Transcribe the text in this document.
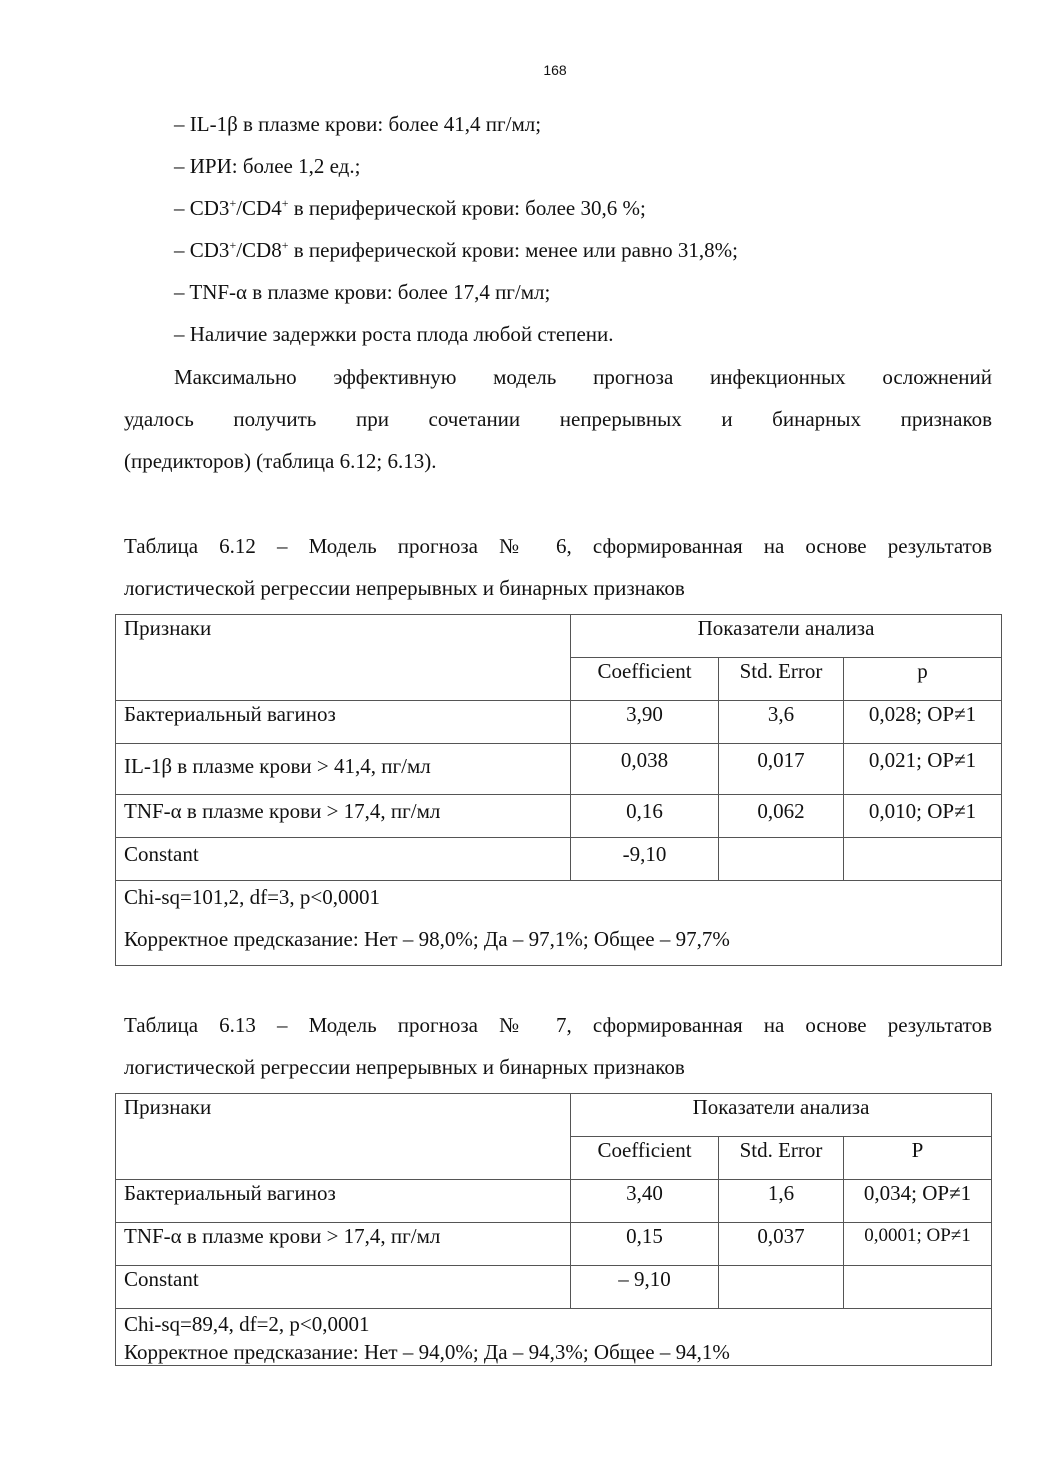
168
– IL-1β в плазме крови: более 41,4 пг/мл;
– ИРИ: более 1,2 ед.;
– CD3+/CD4+ в периферической крови: более 30,6 %;
– CD3+/CD8+ в периферической крови: менее или равно 31,8%;
– TNF-α в плазме крови: более 17,4 пг/мл;
– Наличие задержки роста плода любой степени.
Максимально эффективную модель прогноза инфекционных осложнений
удалось получить при сочетании непрерывных и бинарных признаков
(предикторов) (таблица 6.12; 6.13).
Таблица 6.12 – Модель прогноза № 6, сформированная на основе результатов
логистической регрессии непрерывных и бинарных признаков
Признаки	Показатели анализа		
	Coefficient	Std. Error	p
Бактериальный вагиноз	3,90	3,6	0,028; ОР≠1
IL-1β в плазме крови > 41,4, пг/мл	0,038	0,017	0,021; ОР≠1
TNF-α в плазме крови > 17,4, пг/мл	0,16	0,062	0,010; ОР≠1
Constant	-9,10		

Chi-sq=101,2, df=3, p<0,0001
Корректное предсказание: Нет – 98,0%; Да – 97,1%; Общее – 97,7%			
Таблица 6.13 – Модель прогноза № 7, сформированная на основе результатов
логистической регрессии непрерывных и бинарных признаков
Признаки	Показатели анализа		
	Coefficient	Std. Error	P
Бактериальный вагиноз	3,40	1,6	0,034; ОР≠1
TNF-α в плазме крови > 17,4, пг/мл	0,15	0,037	0,0001; ОР≠1
Constant	– 9,10		

Chi-sq=89,4, df=2, p<0,0001
Корректное предсказание: Нет – 94,0%; Да – 94,3%; Общее – 94,1%			
